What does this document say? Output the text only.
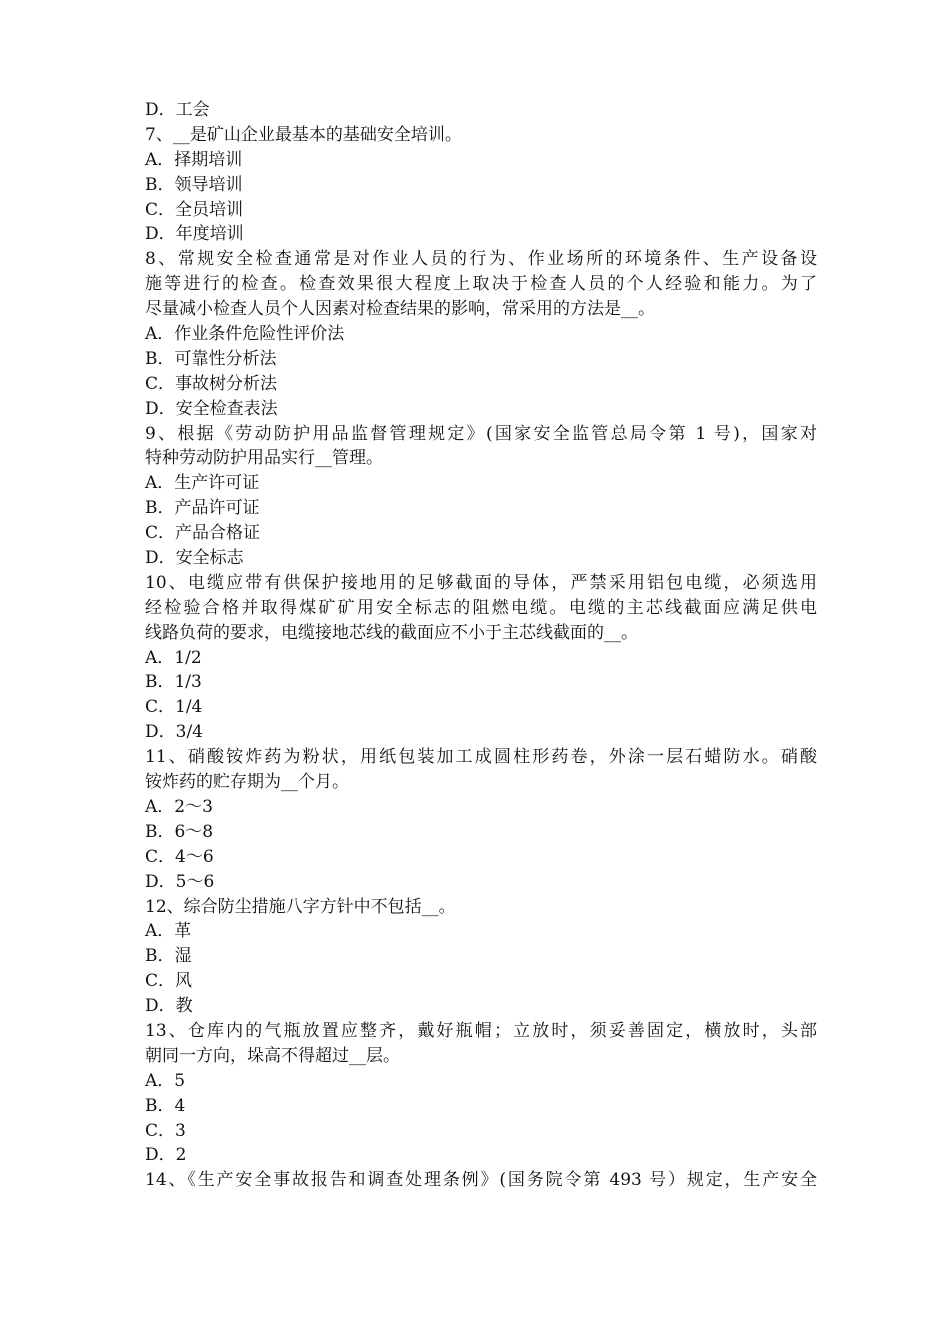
D．工会
7、__是矿山企业最基本的基础安全培训。
A．择期培训
B．领导培训
C．全员培训
D．年度培训
8、常规安全检查通常是对作业人员的行为、作业场所的环境条件、生产设备设
施等进行的检查。检查效果很大程度上取决于检查人员的个人经验和能力。为了
尽量减小检查人员个人因素对检查结果的影响，常采用的方法是__。
A．作业条件危险性评价法
B．可靠性分析法
C．事故树分析法
D．安全检查表法
9、根据《劳动防护用品监督管理规定》(国家安全监管总局令第 1 号)，国家对
特种劳动防护用品实行__管理。
A．生产许可证
B．产品许可证
C．产品合格证
D．安全标志
10、电缆应带有供保护接地用的足够截面的导体，严禁采用铝包电缆，必须选用
经检验合格并取得煤矿矿用安全标志的阻燃电缆。电缆的主芯线截面应满足供电
线路负荷的要求，电缆接地芯线的截面应不小于主芯线截面的__。
A．1/2
B．1/3
C．1/4
D．3/4
11、硝酸铵炸药为粉状，用纸包装加工成圆柱形药卷，外涂一层石蜡防水。硝酸
铵炸药的贮存期为__个月。
A．2～3
B．6～8
C．4～6
D．5～6
12、综合防尘措施八字方针中不包括__。
A．革
B．湿
C．风
D．教
13、仓库内的气瓶放置应整齐，戴好瓶帽；立放时，须妥善固定，横放时，头部
朝同一方向，垛高不得超过__层。
A．5
B．4
C．3
D．2
14、《生产安全事故报告和调查处理条例》(国务院令第 493 号）规定，生产安全
